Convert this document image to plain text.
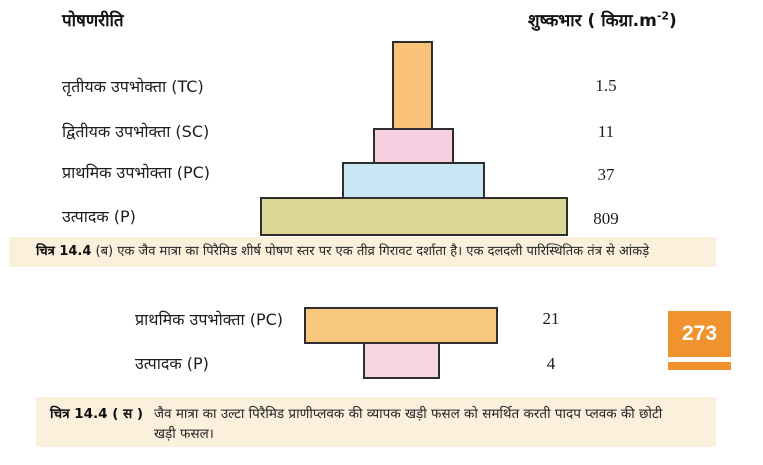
पोषणरीति	शुष्कभार ( $किग्रा.m^{-2}$)
तृतीयक उपभोक्ता (TC)
द्वितीयक उपभोक्ता (SC)
प्राथमिक उपभोक्ता (PC)
उत्पादक (P)
1.5
11
37
809
चित्र 14.4 (ब) एक जैव मात्रा का पिरैमिड शीर्ष पोषण स्तर पर एक तीव्र गिरावट दर्शाता है। एक दलदली पारिस्थितिक तंत्र से आंकड़े
प्राथमिक उपभोक्ता (PC)
उत्पादक (P)
21
4
273
चित्र 14.4 ( स ) जैव मात्रा का उल्टा पिरैमिड प्राणीप्लवक की व्यापक खड़ी फसल को समर्थित करती पादप प्लवक की छोटी
खड़ी फसल।
